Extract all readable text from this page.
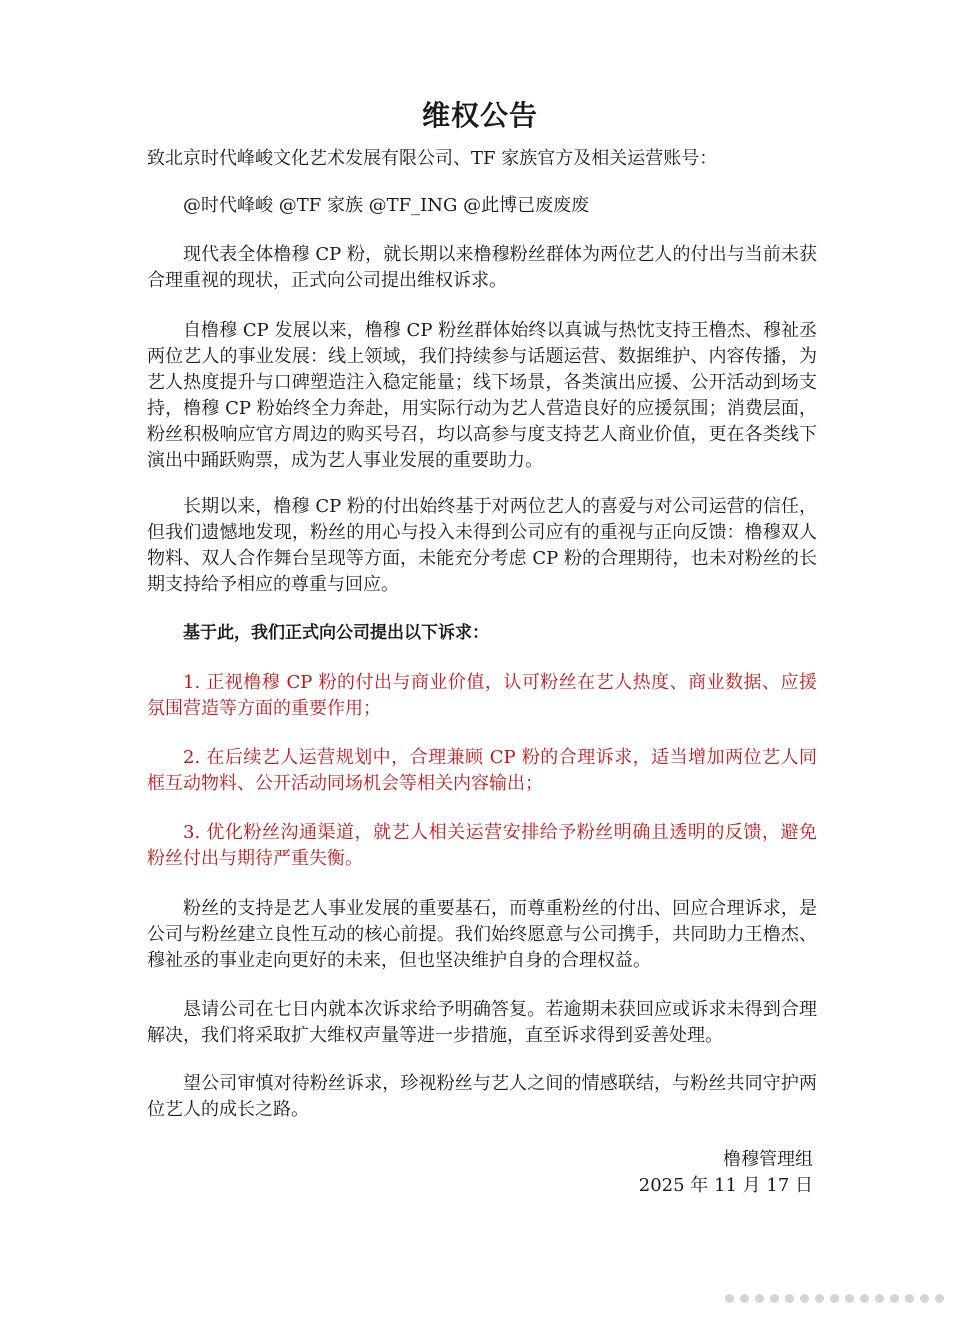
维权公告

致北京时代峰峻文化艺术发展有限公司、TF 家族官方及相关运营账号：

@时代峰峻 @TF 家族 @TF_ING @此博已废废废

现代表全体橹穆 CP 粉，就长期以来橹穆粉丝群体为两位艺人的付出与当前未获合理重视的现状，正式向公司提出维权诉求。

自橹穆 CP 发展以来，橹穆 CP 粉丝群体始终以真诚与热忱支持王橹杰、穆祉丞两位艺人的事业发展：线上领域，我们持续参与话题运营、数据维护、内容传播，为艺人热度提升与口碑塑造注入稳定能量；线下场景，各类演出应援、公开活动到场支持，橹穆 CP 粉始终全力奔赴，用实际行动为艺人营造良好的应援氛围；消费层面，粉丝积极响应官方周边的购买号召，均以高参与度支持艺人商业价值，更在各类线下演出中踊跃购票，成为艺人事业发展的重要助力。

长期以来，橹穆 CP 粉的付出始终基于对两位艺人的喜爱与对公司运营的信任，但我们遗憾地发现，粉丝的用心与投入未得到公司应有的重视与正向反馈：橹穆双人物料、双人合作舞台呈现等方面，未能充分考虑 CP 粉的合理期待，也未对粉丝的长期支持给予相应的尊重与回应。

基于此，我们正式向公司提出以下诉求：

1. 正视橹穆 CP 粉的付出与商业价值，认可粉丝在艺人热度、商业数据、应援氛围营造等方面的重要作用；

2. 在后续艺人运营规划中，合理兼顾 CP 粉的合理诉求，适当增加两位艺人同框互动物料、公开活动同场机会等相关内容输出；

3. 优化粉丝沟通渠道，就艺人相关运营安排给予粉丝明确且透明的反馈，避免粉丝付出与期待严重失衡。

粉丝的支持是艺人事业发展的重要基石，而尊重粉丝的付出、回应合理诉求，是公司与粉丝建立良性互动的核心前提。我们始终愿意与公司携手，共同助力王橹杰、穆祉丞的事业走向更好的未来，但也坚决维护自身的合理权益。

恳请公司在七日内就本次诉求给予明确答复。若逾期未获回应或诉求未得到合理解决，我们将采取扩大维权声量等进一步措施，直至诉求得到妥善处理。

望公司审慎对待粉丝诉求，珍视粉丝与艺人之间的情感联结，与粉丝共同守护两位艺人的成长之路。

橹穆管理组
2025 年 11 月 17 日
